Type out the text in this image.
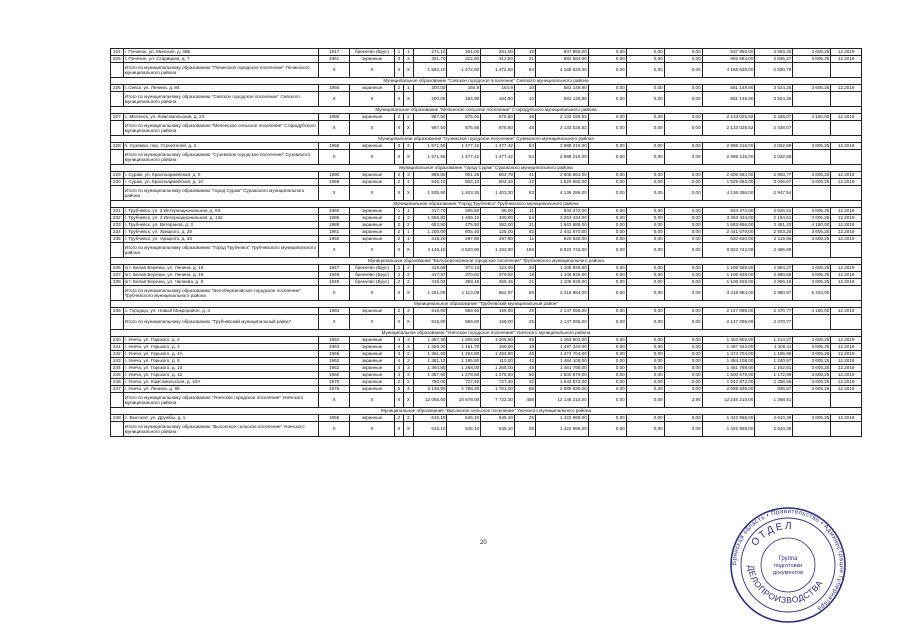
224	г. Починок, ул. Минская, д. 36Б	1917	брекчево (Брус)	1	1	271,10	261,00	261,00	15	937 850,00	0,00	0,00	0,00	937 850,00	3 593,30	3 605,25	12.2019
225	г. Почечин, ул. Старицкая, д. 7	1961	экранные	3	3	331,70	312,60	312,50	21	892 584,00	0,00	0,00	0,00	892 584,00	2 836,27	3 605,25	12.2019
	Итого по муниципальному образованию "Починское городское поселение" Починского муниципального района	X	X	X	X	1 562,10	1 472,60	1 472,60	54	4 168 626,00	0,00	0,00	0,00	4 168 626,00	2 830,79		
Муниципальное образование "Севское городское поселение" Севского муниципального района																	
226	г. Севск, ул. Ленина, д. 84	1956	экранные	2	1	200,00	164,9	164,9	10	581 149,80	0,00	0,00	0,00	581 149,80	3 524,25	3 605,25	12.2019
	Итого по муниципальному образованию "Севское городское поселение" Севского муниципального района	X	X	X	X	200,00	164,90	164,90	10	581 149,80	0,00	0,00	0,00	581 149,80	3 524,25		
Муниципальное образование "Меленское сельское поселение" Стародубского муниципального района																	
227	с. Меленск, ул. Комсомольская, д. 23	1988	экранные	2	2	987,50	875,66	875,60	48	2 133 026,52	0,00	0,00	0,00	2 133 026,52	2 436,07	4 180,00	12.2019
	Итого по муниципальному образованию "Меленское сельское поселение" Стародубского муниципального района	X	X	X	X	987,50	875,66	875,60	48	2 133 026,52	0,00	0,00	0,00	2 133 026,52	2 436,07		
Муниципальное образование "Суземское городское поселение" Суземского муниципального района																	
228	п. Суземка, пер. Строителей, д. 2	1966	экранные	3	3	1 571,55	1 477,42	1 477,42	54	2 988 216,00	0,00	0,00	0,00	2 988 216,00	2 022,59	3 605,25	12.2019
	Итого по муниципальному образованию "Суземское городское поселение" Суземского муниципального района	X	X	X	X	1 571,55	1 477,42	1 477,42	54	2 988 216,00	0,00	0,00	0,00	2 988 216,00	2 022,59		
Муниципальное образование "город Сураж" Суражского муниципального района																	
229	г. Сураж, ул. Красноармейская, д. 9	1990	экранные	2	3	989,80	901,26	904,78	41	2 606 564,00	0,00	0,00	0,00	2 606 564,00	2 893,77	3 605,25	12.2019
230	г. Сураж, ул. Красноармейская, д. 10	1969	экранные	2	1	546,10	502,10	502,10	22	1 529 682,00	0,00	0,00	0,00	1 529 682,00	3 046,67	3 605,25	12.2019
	Итого по муниципальному образованию "город Сураж" Суражского муниципального района	X	X	X	X	1 535,90	1 403,30	1 403,30	63	4 136 286,00	0,00	0,00	0,00	4 136 286,00	2 947,54		
Муниципальное образование "Город Трубчевск" Трубчевского муниципального района																	
231	г. Трубчевск, ул. 3 Интернациональная, д. 93	1960	экранные	1	1	317,70	306,50	58,00	11	834 372,00	0,00	0,00	0,00	834 372,00	2 625,51	3 605,25	12.2019
232	г. Трубчевск, ул. 3 Интернациональная, д. 132	1985	экранные	2	3	1 656,80	1 469,10	330,00	54	3 253 434,00	0,00	0,00	0,00	3 253 434,00	2 194,61	3 605,25	12.2019
233	г. Трубчевск, ул. Ветеранов, д. 3	1986	экранные	2	2	683,90	475,50	383,00	31	1 663 686,00	0,00	0,00	0,00	1 663 686,00	3 451,43	4 180,00	12.2019
234	г. Трубчевск, ул. Урицкого, д. 29	1961	экранные	2	1	1 200,00	805,40	125,00	62	2 441 670,00	0,00	0,00	0,00	2 441 670,00	2 503,25	3 605,25	12.2019
235	г. Трубчевск, ул. Урицкого, д. 33	1950	экранные	2	1	318,20	297,80	297,80	11	620 630,00	0,00	0,00	0,00	620 630,00	2 119,86	3 605,25	12.2019
	Итого по муниципальному образованию "Город Трубчевск" Трубчевского муниципального района	X	X	X	X	4 146,10	3 533,90	1 193,80	169	8 823 742,00	0,00	0,00	0,00	8 823 742,00	2 496,89		
Муниципальное образование "Белоберезковское городское поселение" Трубчевского муниципального района																	
236	пгт. Белая Березка, ул. Ленина, д. 16	1947	брекчево (Брус)	2	2	418,69	373,13	123,00	20	1 106 928,00	0,00	0,00	0,00	1 106 928,00	2 964,27	3 605,25	12.2019
237	пгт. Белая Березка, ул. Ленина, д. 18	1948	брекчево (Брус)	2	2	417,37	370,82	370,82	18	1 106 928,00	0,00	0,00	0,00	1 106 928,00	2 980,65	3 605,25	12.2019
238	пгт. Белая Березка, ул. Чапаева, д. 6	1949	брекчево (Брус)	2	2	415,03	369,15	369,15	21	1 106 928,00	0,00	0,00	0,00	1 106 928,00	2 996,15	3 605,25	12.2019
	Итого по муниципальному образованию "Белоберезковское городское поселение" Трубчевского муниципального района	X	X	X	X	1 251,09	1 113,09	862,97	59	3 318 984,00	0,00	0,00	0,00	3 318 984,00	2 980,97	5 424,00	
Муниципальное образование "Трубчевский муниципальный район"																	
239	с. Городцы, ул. Новый Микрорайон, д. 3	1984	экранные	2	3	916,00	869,60	159,00	25	2 147 096,00	0,00	0,00	0,00	2 147 096,00	2 470,77	4 180,00	12.2019
	Итого по муниципальному образованию "Трубчевский муниципальный район"	X	X	X	X	916,00	869,60	159,00	25	2 147 096,00	0,00	0,00	0,00	2 147 096,00	2 470,77		
Муниципальное образование "Унечское городское поселение" Унечского муниципального района																	
240	г. Унеча, ул. Горького, д. 2	1962	экранные	4	3	1 357,30	1 205,50	1 205,50	45	1 463 802,00	0,00	0,00	0,00	1 463 802,00	1 213,27	3 605,25	12.2019
241	г. Унеча, ул. Горького, д. 4	1963	экранные	4	3	1 326,30	1 151,70	186,00	19	1 497 342,00	0,00	0,00	0,00	1 497 342,00	1 300,11	3 605,25	12.2019
242	г. Унеча, ул. Горького, д. 4А	1965	экранные	4	2	1 361,60	1 264,80	1 264,80	45	1 474 704,00	0,00	0,00	0,00	1 474 704,00	1 165,95	3 605,25	12.2019
243	г. Унеча, ул. Горького, д. 8	1962	экранные	4	2	1 361,10	1 195,80	110,00	42	1 484 108,00	0,00	0,00	0,00	1 484 108,00	1 240,97	3 605,25	12.2019
244	г. Унеча, ул. Горького, д. 10	1962	экранные	4	3	1 364,80	1 268,00	1 268,00	45	1 461 768,00	0,00	0,00	0,00	1 461 768,00	1 152,81	3 605,25	12.2019
245	г. Унеча, ул. Горького, д. 12	1960	экранные	4	3	1 367,60	1 278,60	1 278,60	50	1 500 576,00	0,00	0,00	0,00	1 500 576,00	1 172,99	3 605,25	12.2019
246	г. Унеча, ул. Комсомольская, д. 10А	1970	экранные	2	2	790,00	727,40	727,40	32	1 642 872,00	0,00	0,00	0,00	1 642 872,00	2 258,55	3 605,25	12.2019
247	г. Унеча, ул. Ленина, д. 99	1976	экранные	5	4	3 136,90	2 788,40	1 761,00	88	2 689 836,00	0,00	0,00	0,00	2 689 836,00	936,97	3 605,25	12.2019
	Итого по муниципальному образованию "Унечское городское поселение" Унечского муниципального района	X	X	X	X	12 065,60	10 878,00	7 722,30	458	12 146 210,00	0,00	0,00	3,95	12 146 210,00	1 268,51		
Муниципальное образование "Высокское сельское поселение" Унечского муниципального района																	
248	с. Высокое, ул. Дружбы, д. 1	1955	экранные	2	2	615,10	545,10	545,10	25	1 422 968,00	0,00	0,00	0,00	1 422 968,00	2 610,46	3 605,25	12.2019
	Итого по муниципальному образованию "Высокское сельское поселение" Унечского муниципального района	X	X	X	X	615,10	545,10	545,10	25	1 422 968,00	0,00	0,00	0,00	1 422 968,00	2 610,46		
20
Брянская область • Правительство • Администрация Губернатора
ОТДЕЛ
ДЕЛОПРОИЗВОДСТВА
Группа
подготовки
документов
